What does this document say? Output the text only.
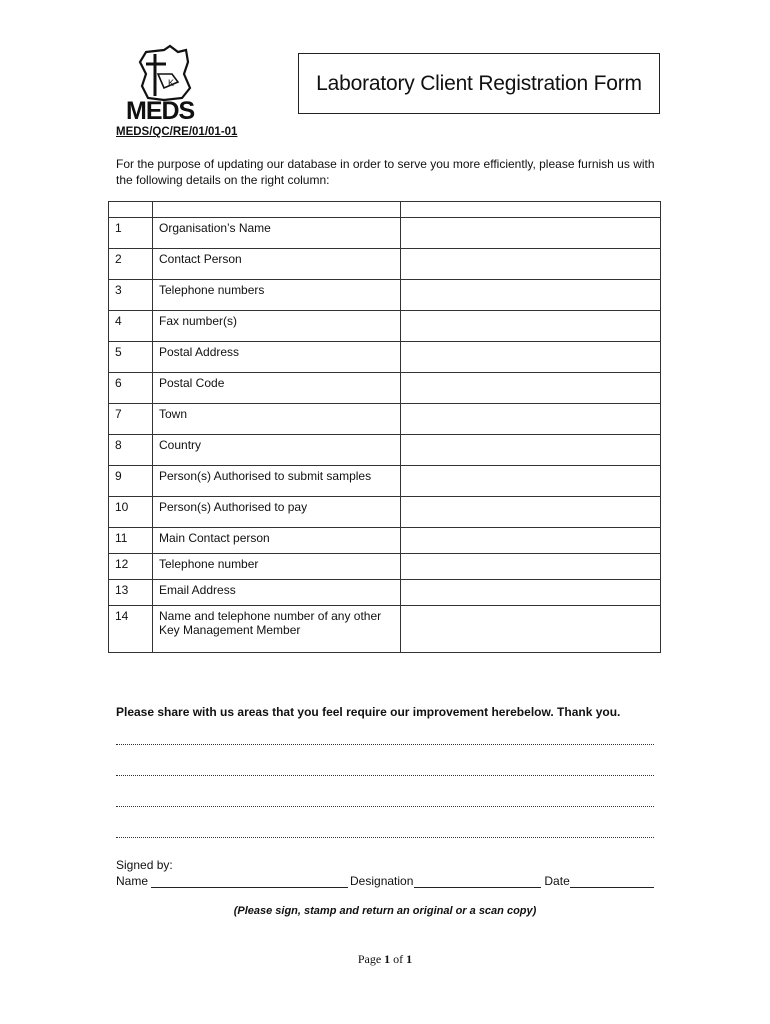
K
MEDS
Laboratory Client Registration Form
MEDS/QC/RE/01/01-01
For the purpose of updating our database in order to serve you more efficiently, please furnish us with the following details on the right column:

1	Organisation’s Name	

2	Contact Person	

3	Telephone numbers	

4	Fax number(s)	

5	Postal Address	

6	Postal Code	

7	Town	

8	Country	

9	Person(s) Authorised to submit samples	

10	Person(s) Authorised to pay	

11	Main Contact person	

12	Telephone number	

13	Email Address	

14	Name and telephone number of any other Key Management Member	

Please share with us areas that you feel require our improvement herebelow. Thank you.
Signed by:
Name	Designation	Date
(Please sign, stamp and return an original or a scan copy)
Page 1 of 1
